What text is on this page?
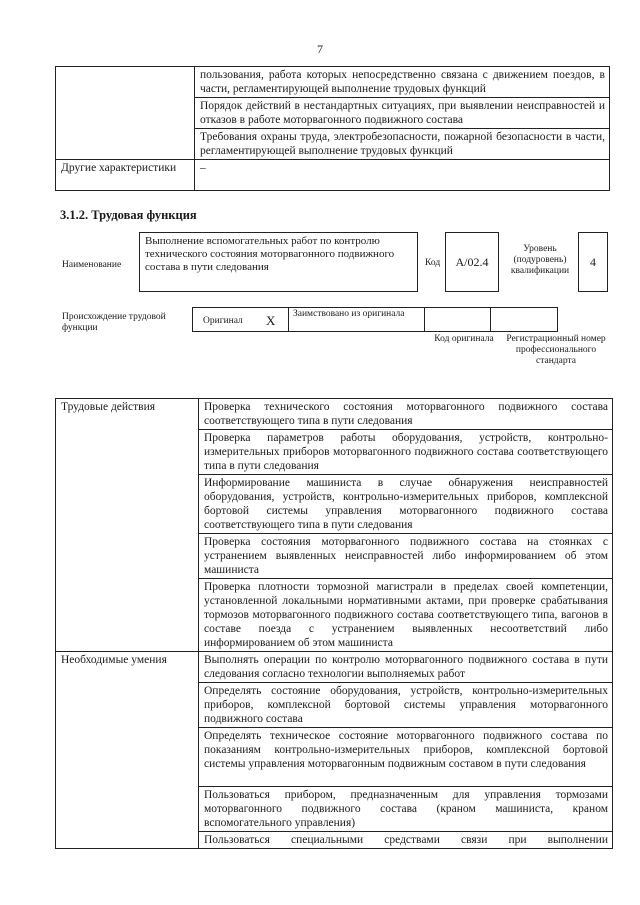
7
	пользования, работа которых непосредственно связана с движением поездов, в части, регламентирующей выполнение трудовых функций
	Порядок действий в нестандартных ситуациях, при выявлении неисправностей и отказов в работе моторвагонного подвижного состава
	Требования охраны труда, электробезопасности, пожарной безопасности в части, регламентирующей выполнение трудовых функций
Другие характеристики	–
3.1.2. Трудовая функция
Наименование
Выполнение вспомогательных работ по контролю технического состояния моторвагонного подвижного состава в пути следования	Код	А/02.4
Уровень (подуровень) квалификации
4
Происхождение трудовой функции
Оригинал Х	Заимствовано из оригинала
Код оригинала	Регистрационный номер профессионального стандарта
Трудовые действия	Проверка технического состояния моторвагонного подвижного состава соответствующего типа в пути следования
	Проверка параметров работы оборудования, устройств, контрольно-измерительных приборов моторвагонного подвижного состава соответствующего типа в пути следования
	Информирование машиниста в случае обнаружения неисправностей оборудования, устройств, контрольно-измерительных приборов, комплексной бортовой системы управления моторвагонного подвижного состава соответствующего типа в пути следования
	Проверка состояния моторвагонного подвижного состава на стоянках с устранением выявленных неисправностей либо информированием об этом машиниста
	Проверка плотности тормозной магистрали в пределах своей компетенции, установленной локальными нормативными актами, при проверке срабатывания тормозов моторвагонного подвижного состава соответствующего типа, вагонов в составе поезда с устранением выявленных несоответствий либо информированием об этом машиниста
Необходимые умения	Выполнять операции по контролю моторвагонного подвижного состава в пути следования согласно технологии выполняемых работ
	Определять состояние оборудования, устройств, контрольно-измерительных приборов, комплексной бортовой системы управления моторвагонного подвижного состава
	Определять техническое состояние моторвагонного подвижного состава по показаниям контрольно-измерительных приборов, комплексной бортовой системы управления моторвагонным подвижным составом в пути следования
	Пользоваться прибором, предназначенным для управления тормозами моторвагонного подвижного состава (краном машиниста, краном вспомогательного управления)
	Пользоваться специальными средствами связи при выполнении
